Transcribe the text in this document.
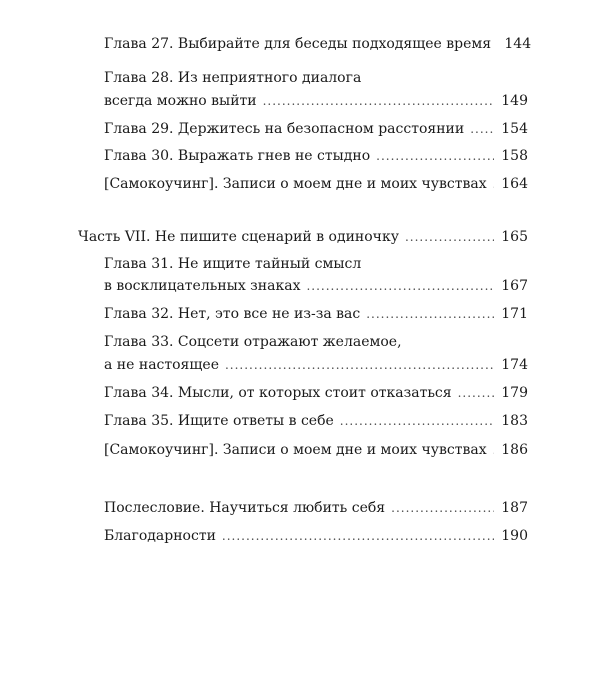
Глава 27. Выбирайте для беседы подходящее время 144
Глава 28. Из неприятного диалога
всегда можно выйти .....	149
Глава 29. Держитесь на безопасном расстоянии .....	154
Глава 30. Выражать гнев не стыдно .....	158
[Самокоучинг]. Записи о моем дне и моих чувствах ..... 164
Часть VII. Не пишите сценарий в одиночку .....	165
Глава 31. Не ищите тайный смысл
в восклицательных знаках .....	167
Глава 32. Нет, это все не из-за вас .....	171
Глава 33. Соцсети отражают желаемое,
а не настоящее .....	174
Глава 34. Мысли, от которых стоит отказаться .....	179
Глава 35. Ищите ответы в себе .....	183
[Самокоучинг]. Записи о моем дне и моих чувствах ..... 186
Послесловие. Научиться любить себя .....	187
Благодарности .....	190
